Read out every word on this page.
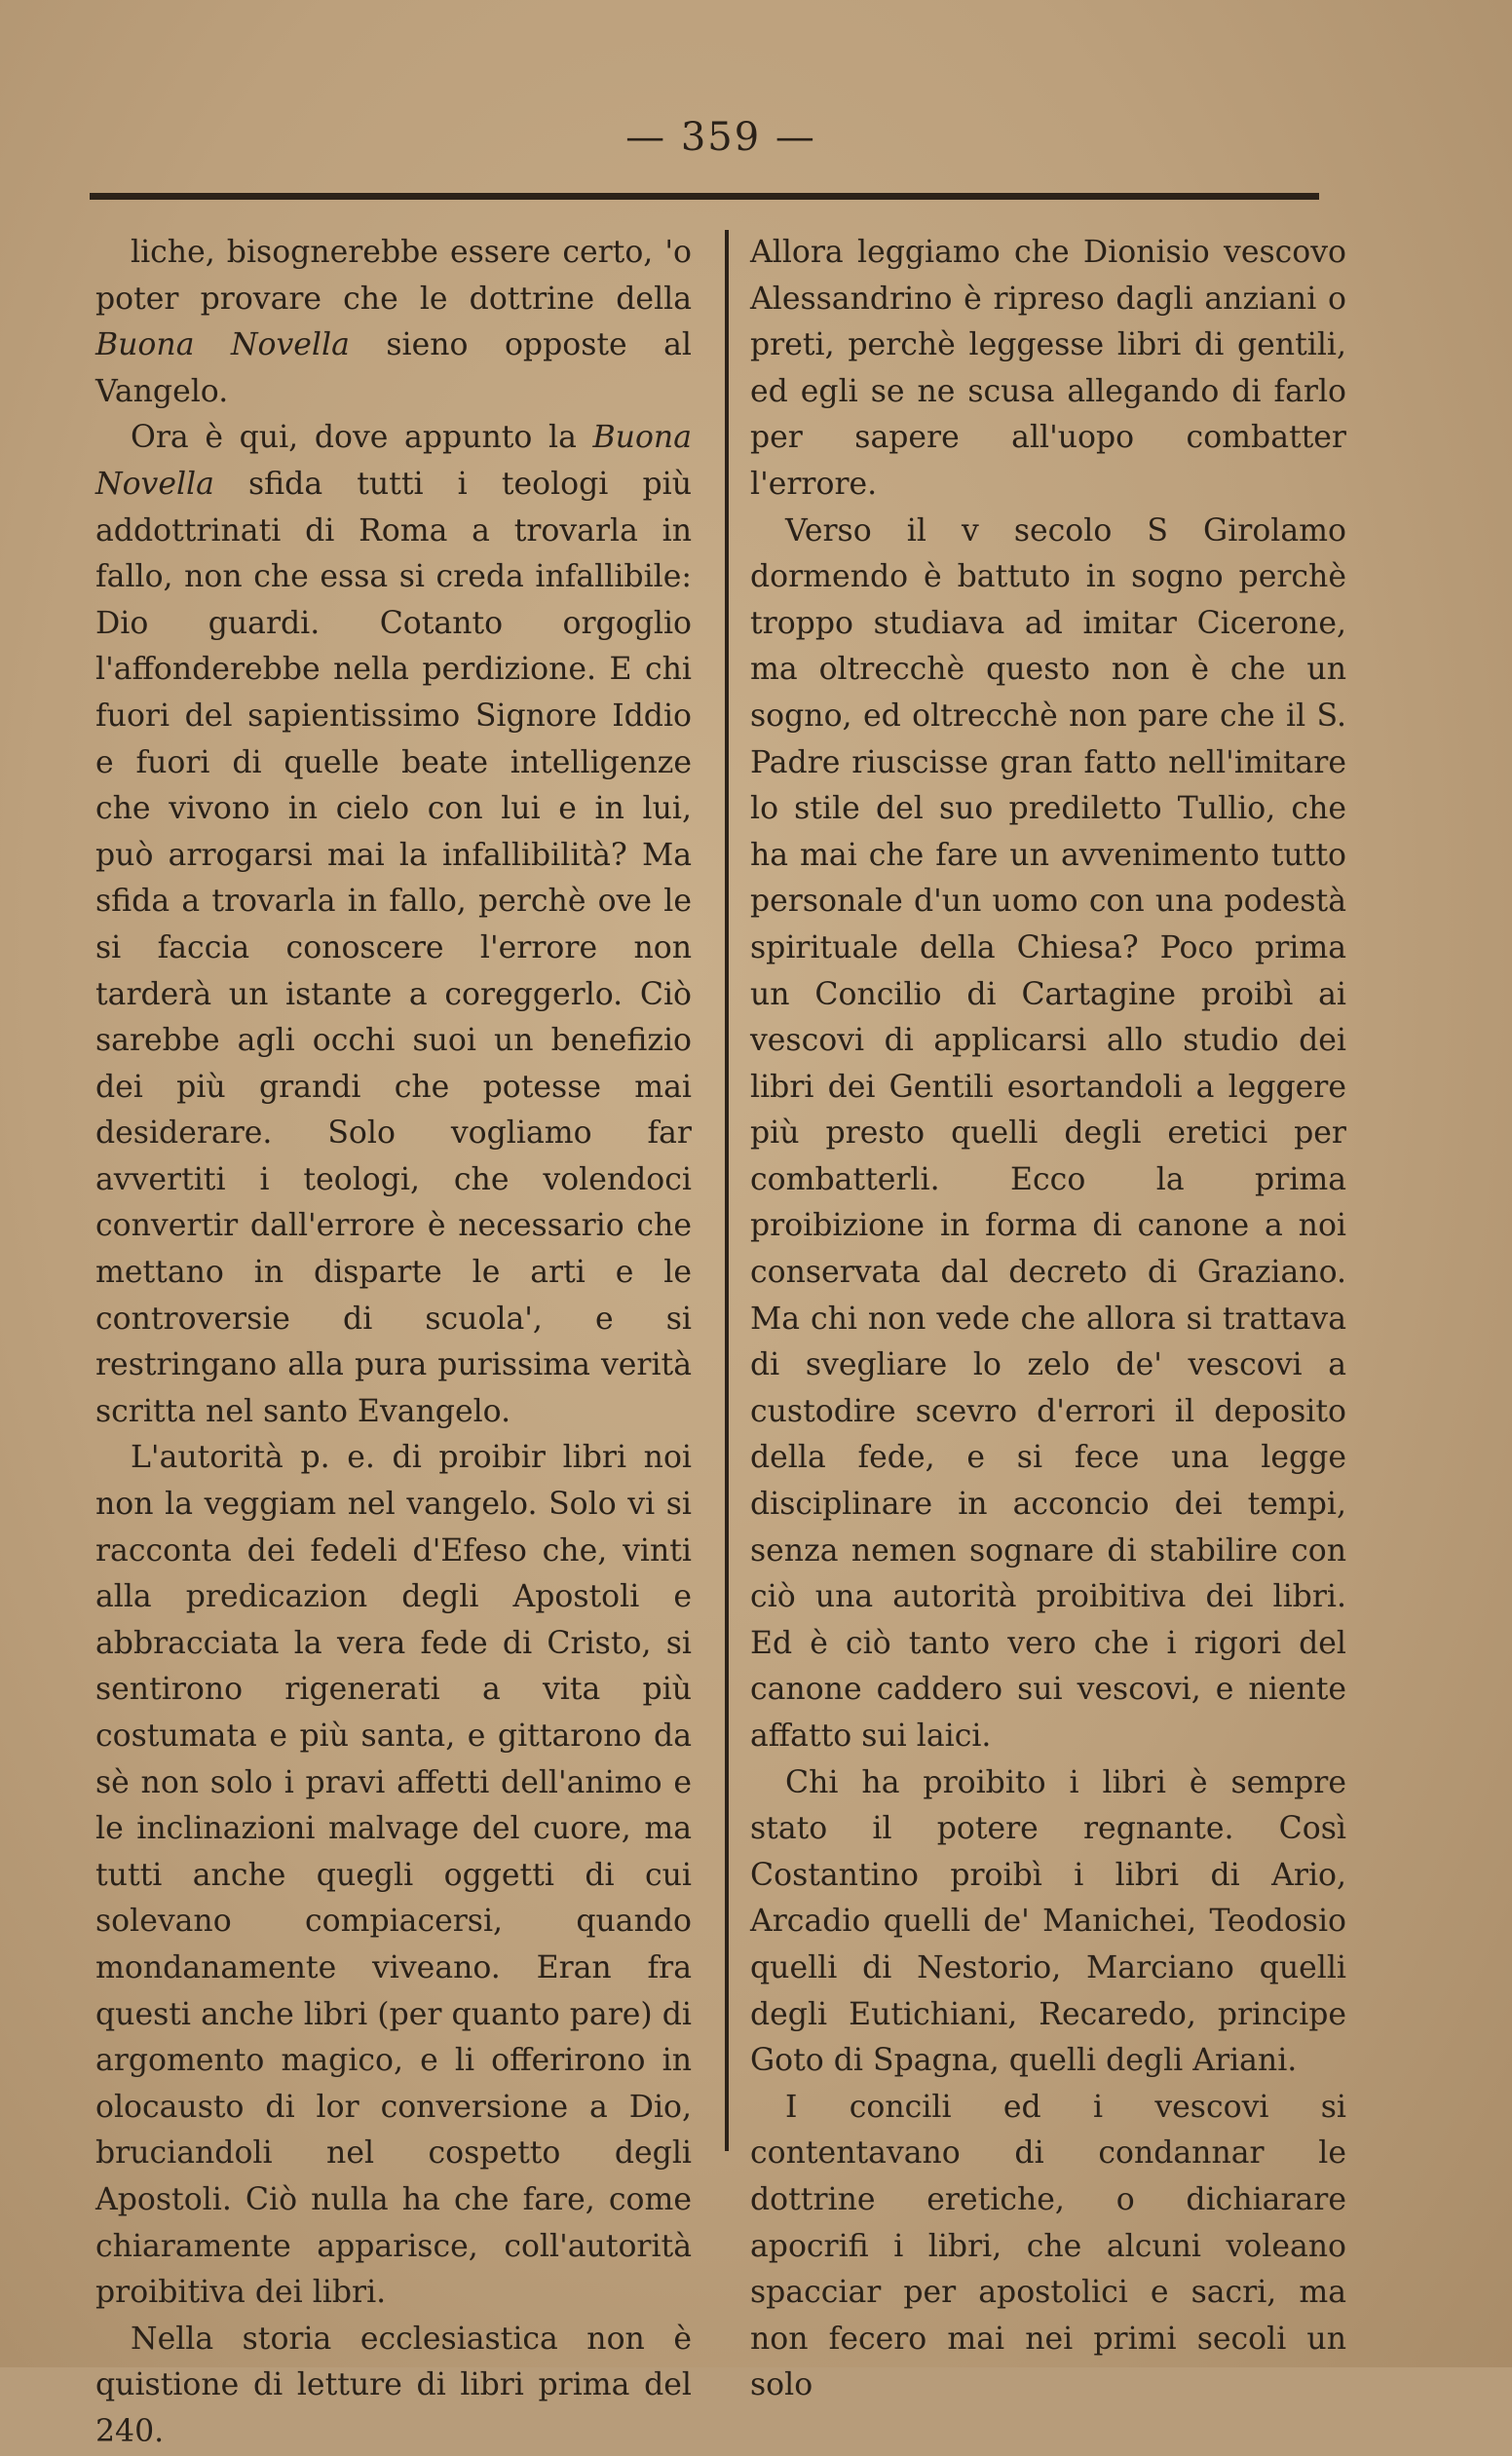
— 359 —

liche, bisognerebbe essere certo, 'o poter provare che le dottrine della Buona Novella sieno opposte al Vangelo.

Ora è qui, dove appunto la Buona Novella sfida tutti i teologi più addottrinati di Roma a trovarla in fallo, non che essa si creda infallibile: Dio guardi. Cotanto orgoglio l'affonderebbe nella perdizione. E chi fuori del sapientissimo Signore Iddio e fuori di quelle beate intelligenze che vivono in cielo con lui e in lui, può arrogarsi mai la infallibilità? Ma sfida a trovarla in fallo, perchè ove le si faccia conoscere l'errore non tarderà un istante a coreggerlo. Ciò sarebbe agli occhi suoi un benefizio dei più grandi che potesse mai desiderare. Solo vogliamo far avvertiti i teologi, che volendoci convertir dall'errore è necessario che mettano in disparte le arti e le controversie di scuola', e si restringano alla pura purissima verità scritta nel santo Evangelo.

L'autorità p. e. di proibir libri noi non la veggiam nel vangelo. Solo vi si racconta dei fedeli d'Efeso che, vinti alla predicazion degli Apostoli e abbracciata la vera fede di Cristo, si sentirono rigenerati a vita più costumata e più santa, e gittarono da sè non solo i pravi affetti dell'animo e le inclinazioni malvage del cuore, ma tutti anche quegli oggetti di cui solevano compiacersi, quando mondanamente viveano. Eran fra questi anche libri (per quanto pare) di argomento magico, e li offerirono in olocausto di lor conversione a Dio, bruciandoli nel cospetto degli Apostoli. Ciò nulla ha che fare, come chiaramente apparisce, coll'autorità proibitiva dei libri.

Nella storia ecclesiastica non è quistione di letture di libri prima del 240.

Allora leggiamo che Dionisio vescovo Alessandrino è ripreso dagli anziani o preti, perchè leggesse libri di gentili, ed egli se ne scusa allegando di farlo per sapere all'uopo combatter l'errore.

Verso il v secolo S Girolamo dormendo è battuto in sogno perchè troppo studiava ad imitar Cicerone, ma oltrecchè questo non è che un sogno, ed oltrecchè non pare che il S. Padre riuscisse gran fatto nell'imitare lo stile del suo prediletto Tullio, che ha mai che fare un avvenimento tutto personale d'un uomo con una podestà spirituale della Chiesa? Poco prima un Concilio di Cartagine proibì ai vescovi di applicarsi allo studio dei libri dei Gentili esortandoli a leggere più presto quelli degli eretici per combatterli. Ecco la prima proibizione in forma di canone a noi conservata dal decreto di Graziano. Ma chi non vede che allora si trattava di svegliare lo zelo de' vescovi a custodire scevro d'errori il deposito della fede, e si fece una legge disciplinare in acconcio dei tempi, senza nemen sognare di stabilire con ciò una autorità proibitiva dei libri. Ed è ciò tanto vero che i rigori del canone caddero sui vescovi, e niente affatto sui laici.

Chi ha proibito i libri è sempre stato il potere regnante. Così Costantino proibì i libri di Ario, Arcadio quelli de' Manichei, Teodosio quelli di Nestorio, Marciano quelli degli Eutichiani, Recaredo, principe Goto di Spagna, quelli degli Ariani.

I concili ed i vescovi si contentavano di condannar le dottrine eretiche, o dichiarare apocrifi i libri, che alcuni voleano spacciar per apostolici e sacri, ma non fecero mai nei primi secoli un solo
